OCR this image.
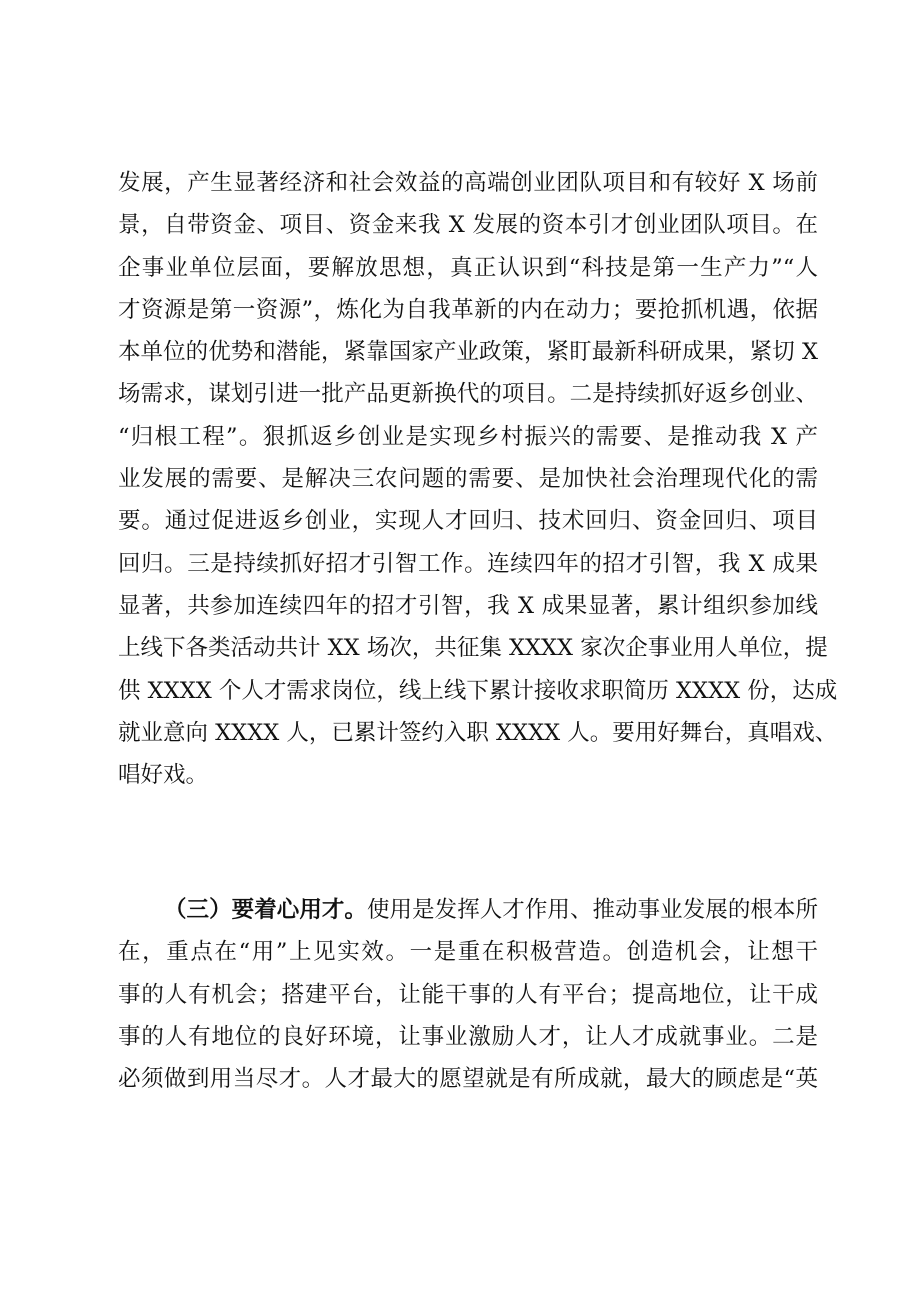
发展，产生显著经济和社会效益的高端创业团队项目和有较好 X 场前
景，自带资金、项目、资金来我 X 发展的资本引才创业团队项目。在
企事业单位层面，要解放思想，真正认识到“科技是第一生产力”“人
才资源是第一资源”，炼化为自我革新的内在动力；要抢抓机遇，依据
本单位的优势和潜能，紧靠国家产业政策，紧盯最新科研成果，紧切 X
场需求，谋划引进一批产品更新换代的项目。二是持续抓好返乡创业、
“归根工程”。狠抓返乡创业是实现乡村振兴的需要、是推动我 X 产
业发展的需要、是解决三农问题的需要、是加快社会治理现代化的需
要。通过促进返乡创业，实现人才回归、技术回归、资金回归、项目
回归。三是持续抓好招才引智工作。连续四年的招才引智，我 X 成果
显著，共参加连续四年的招才引智，我 X 成果显著，累计组织参加线
上线下各类活动共计 XX 场次，共征集 XXXX 家次企事业用人单位，提
供 XXXX 个人才需求岗位，线上线下累计接收求职简历 XXXX 份，达成
就业意向 XXXX 人，已累计签约入职 XXXX 人。要用好舞台，真唱戏、
唱好戏。
（三）要着心用才。使用是发挥人才作用、推动事业发展的根本所
在，重点在“用”上见实效。一是重在积极营造。创造机会，让想干
事的人有机会；搭建平台，让能干事的人有平台；提高地位，让干成
事的人有地位的良好环境，让事业激励人才，让人才成就事业。二是
必须做到用当尽才。人才最大的愿望就是有所成就，最大的顾虑是“英
